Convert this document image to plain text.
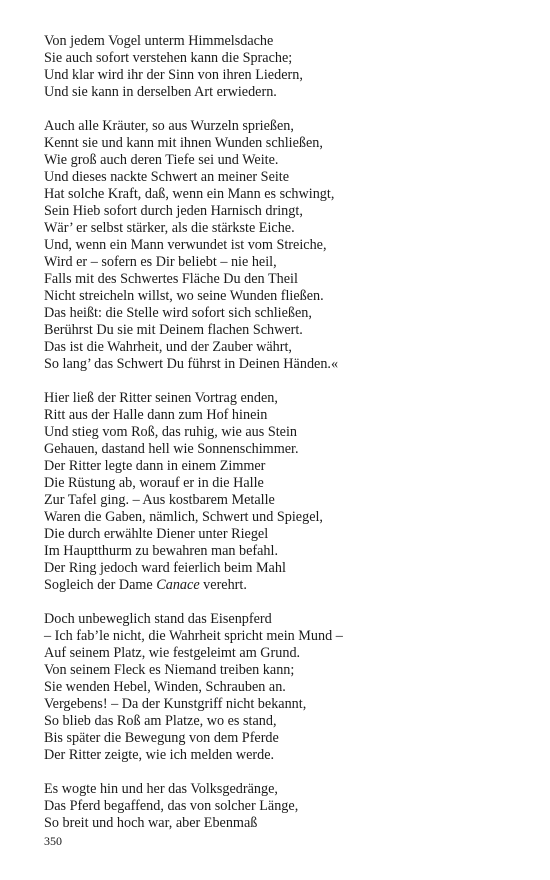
Von jedem Vogel unterm Himmelsdache
Sie auch sofort verstehen kann die Sprache;
Und klar wird ihr der Sinn von ihren Liedern,
Und sie kann in derselben Art erwiedern.
Auch alle Kräuter, so aus Wurzeln sprießen,
Kennt sie und kann mit ihnen Wunden schließen,
Wie groß auch deren Tiefe sei und Weite.
Und dieses nackte Schwert an meiner Seite
Hat solche Kraft, daß, wenn ein Mann es schwingt,
Sein Hieb sofort durch jeden Harnisch dringt,
Wär’ er selbst stärker, als die stärkste Eiche.
Und, wenn ein Mann verwundet ist vom Streiche,
Wird er – sofern es Dir beliebt – nie heil,
Falls mit des Schwertes Fläche Du den Theil
Nicht streicheln willst, wo seine Wunden fließen.
Das heißt: die Stelle wird sofort sich schließen,
Berührst Du sie mit Deinem flachen Schwert.
Das ist die Wahrheit, und der Zauber währt,
So lang’ das Schwert Du führst in Deinen Händen.«
Hier ließ der Ritter seinen Vortrag enden,
Ritt aus der Halle dann zum Hof hinein
Und stieg vom Roß, das ruhig, wie aus Stein
Gehauen, dastand hell wie Sonnenschimmer.
Der Ritter legte dann in einem Zimmer
Die Rüstung ab, worauf er in die Halle
Zur Tafel ging. – Aus kostbarem Metalle
Waren die Gaben, nämlich, Schwert und Spiegel,
Die durch erwählte Diener unter Riegel
Im Hauptthurm zu bewahren man befahl.
Der Ring jedoch ward feierlich beim Mahl
Sogleich der Dame Canace verehrt.
Doch unbeweglich stand das Eisenpferd
– Ich fab’le nicht, die Wahrheit spricht mein Mund –
Auf seinem Platz, wie festgeleimt am Grund.
Von seinem Fleck es Niemand treiben kann;
Sie wenden Hebel, Winden, Schrauben an.
Vergebens! – Da der Kunstgriff nicht bekannt,
So blieb das Roß am Platze, wo es stand,
Bis später die Bewegung von dem Pferde
Der Ritter zeigte, wie ich melden werde.
Es wogte hin und her das Volksgedränge,
Das Pferd begaffend, das von solcher Länge,
So breit und hoch war, aber Ebenmaß
350
